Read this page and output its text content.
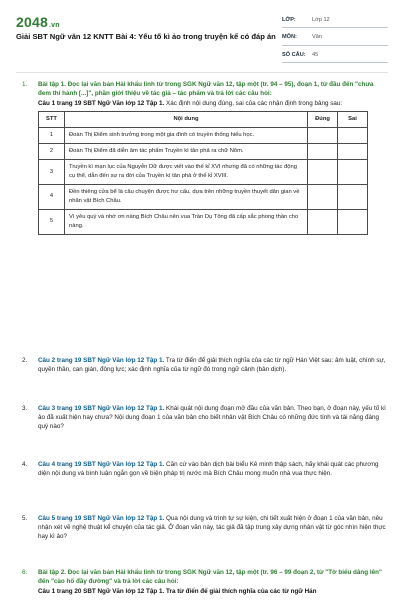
2048.vn
Giải SBT Ngữ văn 12 KNTT Bài 4: Yếu tố kì ảo trong truyện kể có đáp án
LỚP:	Lớp 12
MÔN:	Văn
SỐ CÂU:	45
1. Bài tập 1. Đọc lại văn bản Hải khẩu linh từ trong SGK Ngữ văn 12, tập một (tr. 94 – 95), đoạn 1, từ đầu đến "chưa đem thi hành [...]", phần giới thiệu về tác giả – tác phẩm và trả lời các câu hỏi:

Câu 1 trang 19 SBT Ngữ Văn lớp 12 Tập 1. Xác định nội dung đúng, sai của các nhận định trong bảng sau:

STT	Nội dung	Đúng	Sai
1	Đoàn Thị Điểm sinh trưởng trong một gia đình có truyền thống hiếu học.		
2	Đoàn Thị Điểm đã diễn âm tác phẩm Truyền kì tân phả ra chữ Nôm.		
3	Truyền kì mạn lục của Nguyễn Dữ được viết vào thế kỉ XVI nhưng đã có những tác động cụ thể, dẫn đến sự ra đời của Truyền kì tân phả ở thế kỉ XVIII.		
4	Đền thiêng cửa bể là câu chuyện được hư cấu, dựa trên những truyền thuyết dân gian về nhân vật Bích Châu.		
5	Vì yêu quý và nhớ ơn nàng Bích Châu nên vua Trần Dụ Tông đã cấp sắc phong thần cho nàng.		
2. Câu 2 trang 19 SBT Ngữ Văn lớp 12 Tập 1. Tra từ điển để giải thích nghĩa của các từ ngữ Hán Việt sau: âm luật, chính sự, quyền thần, can gián, đông lực; xác định nghĩa của từ ngữ đó trong ngữ cảnh (bản dịch).

3. Câu 3 trang 19 SBT Ngữ Văn lớp 12 Tập 1. Khái quát nội dung đoạn mở đầu của văn bản. Theo bạn, ở đoạn này, yếu tố kì ảo đã xuất hiện hay chưa? Nội dung đoạn 1 của văn bản cho biết nhân vật Bích Châu có những đức tính và tài năng đáng quý nào?

4. Câu 4 trang 19 SBT Ngữ Văn lớp 12 Tập 1. Căn cứ vào bản dịch bài biểu Kê minh thập sách, hãy khái quát các phương diện nội dung và bình luận ngắn gọn về biện pháp trị nước mà Bích Châu mong muốn nhà vua thực hiện.

5. Câu 5 trang 19 SBT Ngữ Văn lớp 12 Tập 1. Qua nội dung và trình tự sự kiện, chi tiết xuất hiện ở đoạn 1 của văn bản, nêu nhận xét về nghệ thuật kể chuyện của tác giả. Ở đoạn văn này, tác giả đã tập trung xây dựng nhân vật từ góc nhìn hiện thực hay kì ảo?

6. Bài tập 2. Đọc lại văn bản Hải khẩu linh từ trong SGK Ngữ văn 12, tập một (tr. 96 – 99 đoạn 2, từ "Tờ biểu dâng lên" đến "cảo hổ đầy đường" và trả lời các câu hỏi:

Câu 1 trang 20 SBT Ngữ Văn lớp 12 Tập 1. Tra từ điển để giải thích nghĩa của các từ ngữ Hán
